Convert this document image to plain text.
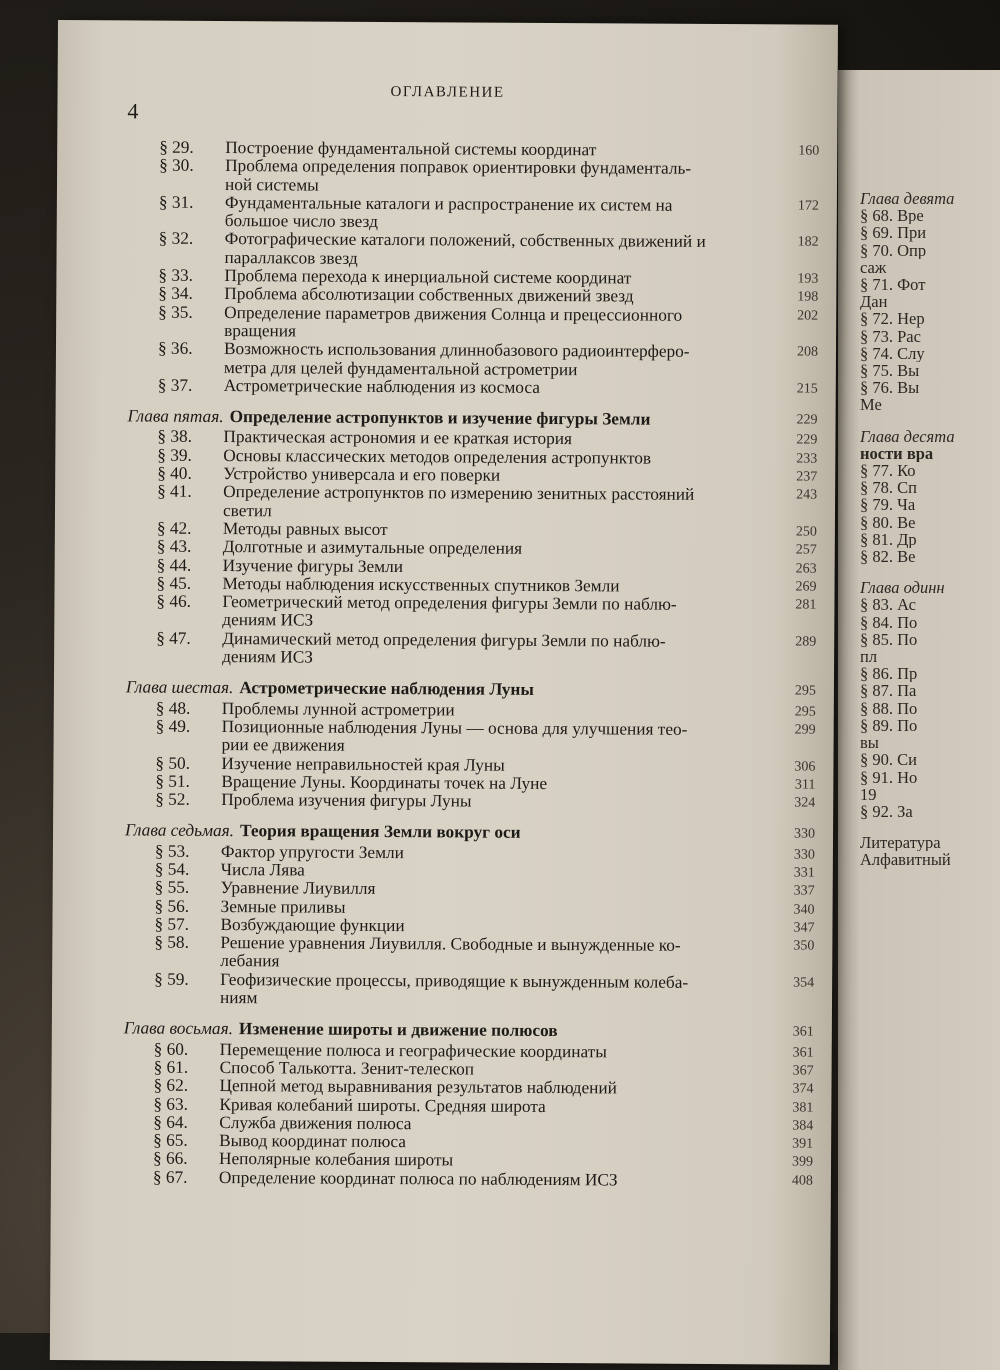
ОГЛАВЛЕНИЕ
4
§ 29.	Построение фундаментальной системы координат	160
§ 30.	Проблема определения поправок ориентировки фундаменталь-
ной системы
§ 31.	Фундаментальные каталоги и распространение их систем на
большое число звезд
172
§ 32.	Фотографические каталоги положений, собственных движений и
параллаксов звезд
182
§ 33.	Проблема перехода к инерциальной системе координат	193
§ 34.	Проблема абсолютизации собственных движений звезд	198
§ 35.	Определение параметров движения Солнца и прецессионного
вращения
202
§ 36.	Возможность использования длиннобазового радиоинтерферо-
метра для целей фундаментальной астрометрии
208
§ 37.	Астрометрические наблюдения из космоса	215
Глава пятая. Определение астропунктов и изучение фигуры Земли	229
§ 38.	Практическая астрономия и ее краткая история	229
§ 39.	Основы классических методов определения астропунктов	233
§ 40.	Устройство универсала и его поверки	237
§ 41.	Определение астропунктов по измерению зенитных расстояний
светил
243
§ 42.	Методы равных высот	250
§ 43.	Долготные и азимутальные определения	257
§ 44.	Изучение фигуры Земли	263
§ 45.	Методы наблюдения искусственных спутников Земли	269
§ 46.	Геометрический метод определения фигуры Земли по наблю-
дениям ИСЗ
281
§ 47.	Динамический метод определения фигуры Земли по наблю-
дениям ИСЗ
289
Глава шестая. Астрометрические наблюдения Луны	295
§ 48.	Проблемы лунной астрометрии	295
§ 49.	Позиционные наблюдения Луны — основа для улучшения тео-
рии ее движения
299
§ 50.	Изучение неправильностей края Луны	306
§ 51.	Вращение Луны. Координаты точек на Луне	311
§ 52.	Проблема изучения фигуры Луны	324
Глава седьмая. Теория вращения Земли вокруг оси	330
§ 53.	Фактор упругости Земли	330
§ 54.	Числа Лява	331
§ 55.	Уравнение Лиувилля	337
§ 56.	Земные приливы	340
§ 57.	Возбуждающие функции	347
§ 58.	Решение уравнения Лиувилля. Свободные и вынужденные ко-
лебания
350
§ 59.	Геофизические процессы, приводящие к вынужденным колеба-
ниям
354
Глава восьмая. Изменение широты и движение полюсов	361
§ 60.	Перемещение полюса и географические координаты	361
§ 61.	Способ Талькотта. Зенит-телескоп	367
§ 62.	Цепной метод выравнивания результатов наблюдений	374
§ 63.	Кривая колебаний широты. Средняя широта	381
§ 64.	Служба движения полюса	384
§ 65.	Вывод координат полюса	391
§ 66.	Неполярные колебания широты	399
§ 67.	Определение координат полюса по наблюдениям ИСЗ	408
Глава девята
§ 68. Вре
§ 69. При
§ 70. Опр
саж
§ 71. Фот
Дан
§ 72. Нер
§ 73. Рас
§ 74. Слу
§ 75. Вы
§ 76. Вы
Ме
Глава десята
ности вра
§ 77. Ко
§ 78. Сп
§ 79. Ча
§ 80. Ве
§ 81. Др
§ 82. Ве
Глава одинн
§ 83. Ас
§ 84. По
§ 85. По
пл
§ 86. Пр
§ 87. Па
§ 88. По
§ 89. По
вы
§ 90. Си
§ 91. Но
19
§ 92. За
Литература
Алфавитный
